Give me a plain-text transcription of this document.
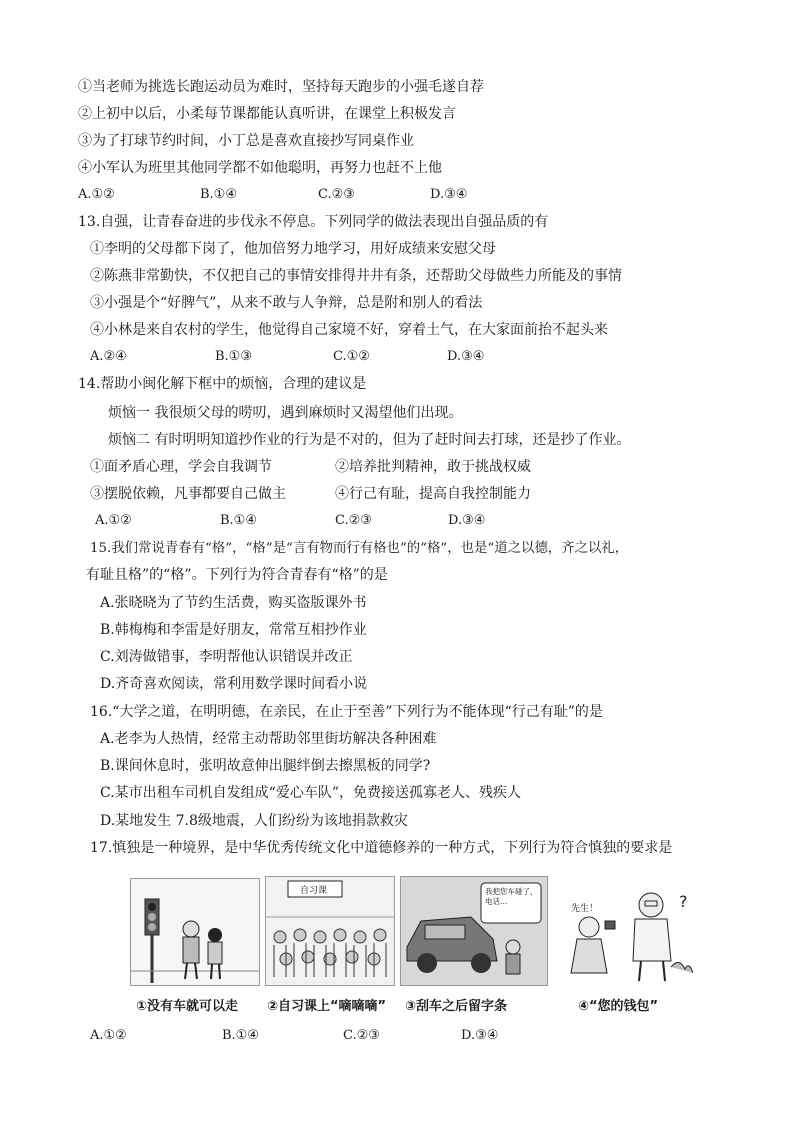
①当老师为挑选长跑运动员为难时，坚持每天跑步的小强毛遂自荐
②上初中以后，小柔每节课都能认真听讲，在课堂上积极发言
③为了打球节约时间，小丁总是喜欢直接抄写同桌作业
④小军认为班里其他同学都不如他聪明，再努力也赶不上他
A.①②	B.①④	C.②③	D.③④
13.自强，让青春奋进的步伐永不停息。下列同学的做法表现出自强品质的有
①李明的父母都下岗了，他加倍努力地学习，用好成绩来安慰父母
②陈燕非常勤快，不仅把自己的事情安排得井井有条，还帮助父母做些力所能及的事情
③小强是个“好脾气”，从来不敢与人争辩，总是附和别人的看法
④小林是来自农村的学生，他觉得自己家境不好，穿着土气，在大家面前抬不起头来
A.②④	B.①③	C.①②	D.③④
14.帮助小闽化解下框中的烦恼，合理的建议是
烦恼一 我很烦父母的唠叨，遇到麻烦时又渴望他们出现。
烦恼二 有时明明知道抄作业的行为是不对的，但为了赶时间去打球，还是抄了作业。
①面矛盾心理，学会自我调节	②培养批判精神，敢于挑战权威
③摆脱依赖，凡事都要自己做主	④行己有耻，提高自我控制能力
A.①②	B.①④	C.②③	D.③④
15.我们常说青春有“格”，“格”是“言有物而行有格也”的“格”，也是“道之以德，齐之以礼，
有耻且格”的“格”。下列行为符合青春有“格”的是
A.张晓晓为了节约生活费，购买盗版课外书
B.韩梅梅和李雷是好朋友，常常互相抄作业
C.刘涛做错事，李明帮他认识错误并改正
D.齐奇喜欢阅读，常利用数学课时间看小说
16.“大学之道，在明明德，在亲民，在止于至善”下列行为不能体现“行己有耻”的是
A.老李为人热情，经常主动帮助邻里街坊解决各种困难
B.课间休息时，张明故意伸出腿绊倒去擦黑板的同学?
C.某市出租车司机自发组成“爱心车队”，免费接送孤寡老人、残疾人
D.某地发生 7.8级地震，人们纷纷为该地捐款救灾
17.慎独是一种境界，是中华优秀传统文化中道德修养的一种方式，下列行为符合慎独的要求是
自习课	我把您车碰了，电话…	?
先生！
①没有车就可以走 ②自习课上“嘀嘀嘀” ③刮车之后留字条	④“您的钱包”
A.①②	B.①④	C.②③	D.③④
